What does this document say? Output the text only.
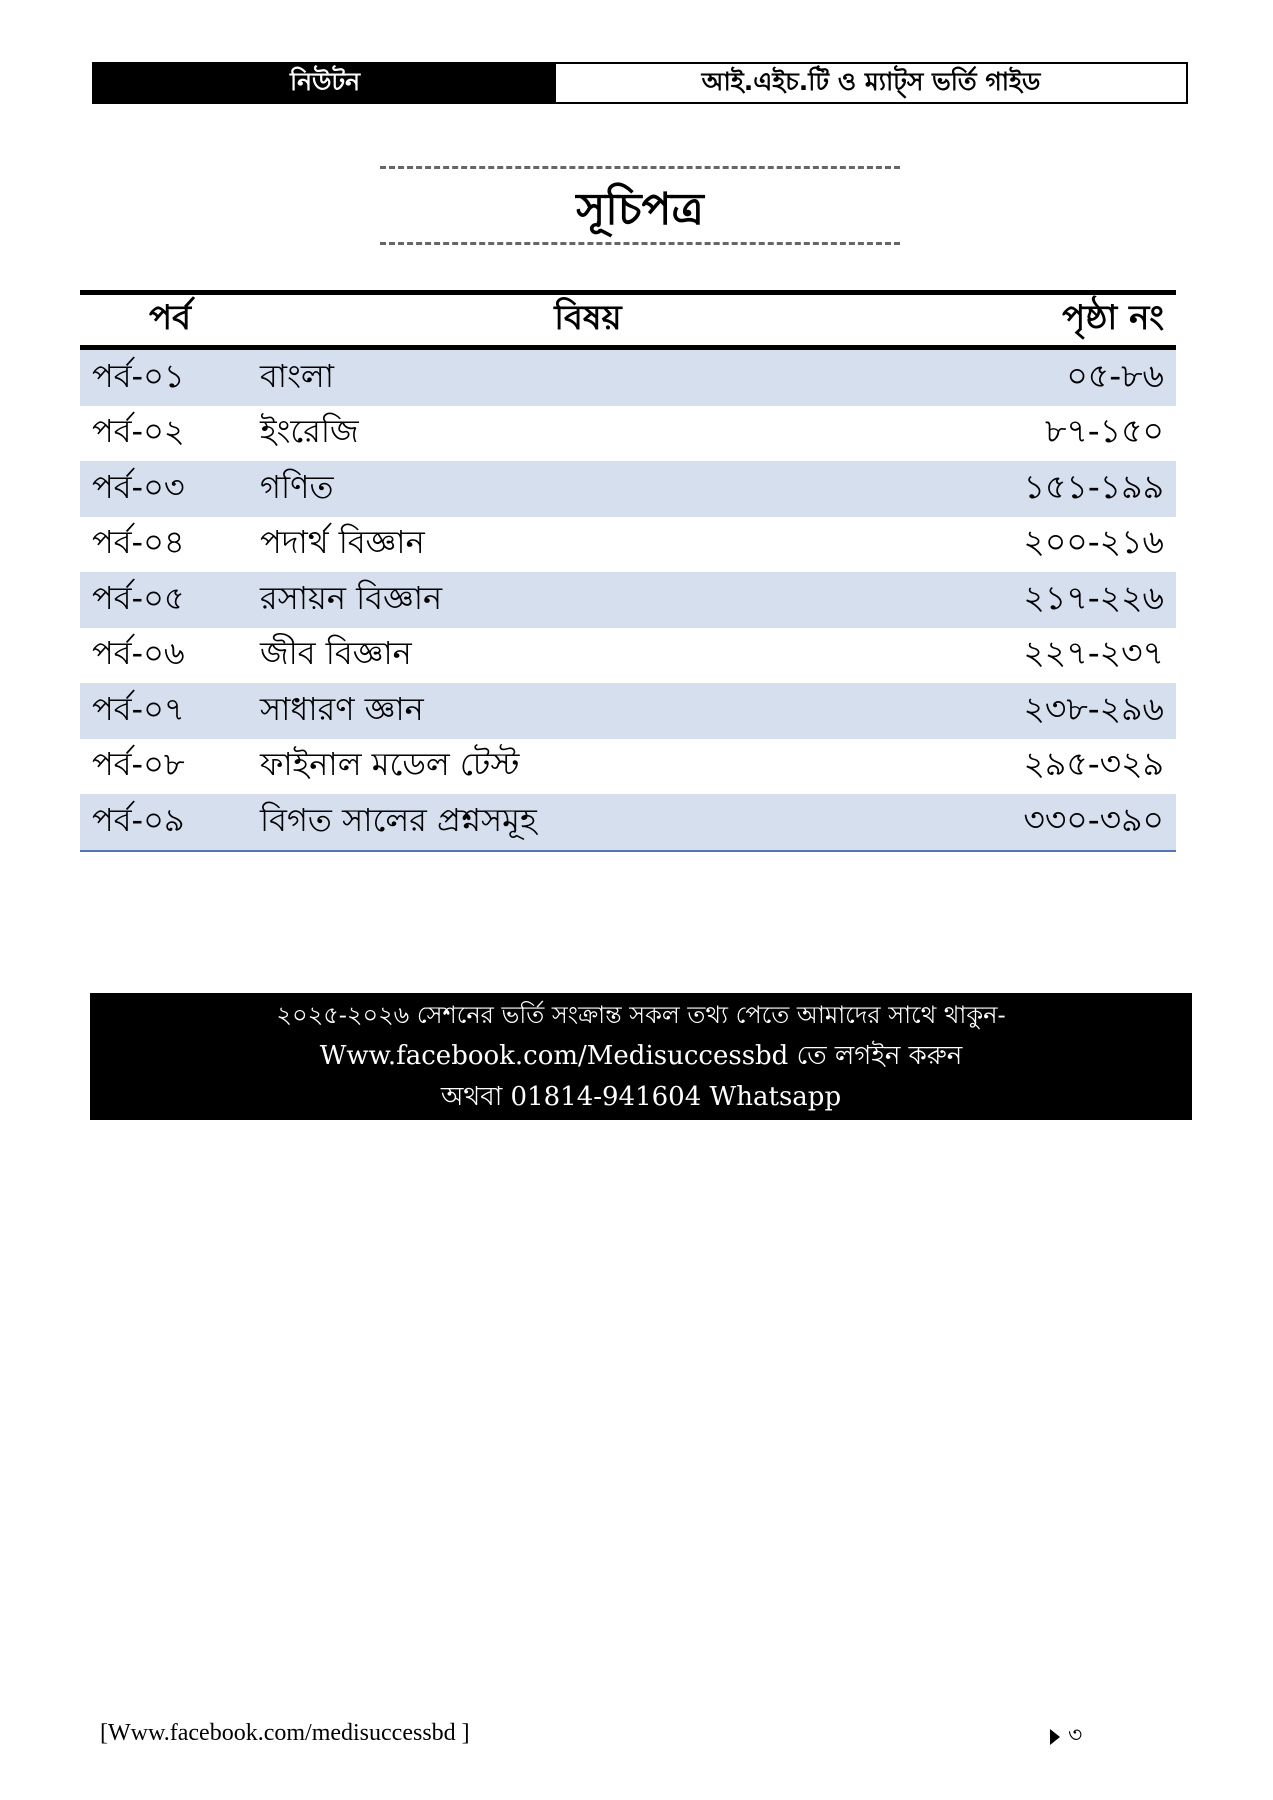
নিউটন	আই.এইচ.টি ও ম্যাট্স ভর্তি গাইড
সূচিপত্র
পর্ব	বিষয়	পৃষ্ঠা নং
পর্ব-০১	বাংলা	০৫-৮৬
পর্ব-০২	ইংরেজি	৮৭-১৫০
পর্ব-০৩	গণিত	১৫১-১৯৯
পর্ব-০৪	পদার্থ বিজ্ঞান	২০০-২১৬
পর্ব-০৫	রসায়ন বিজ্ঞান	২১৭-২২৬
পর্ব-০৬	জীব বিজ্ঞান	২২৭-২৩৭
পর্ব-০৭	সাধারণ জ্ঞান	২৩৮-২৯৬
পর্ব-০৮	ফাইনাল মডেল টেস্ট	২৯৫-৩২৯
পর্ব-০৯	বিগত সালের প্রশ্নসমূহ	৩৩০-৩৯০
২০২৫-২০২৬ সেশনের ভর্তি সংক্রান্ত সকল তথ্য পেতে আমাদের সাথে থাকুন-
Www.facebook.com/Medisuccessbd তে লগইন করুন
অথবা 01814-941604 Whatsapp
[Www.facebook.com/medisuccessbd ]	৩
